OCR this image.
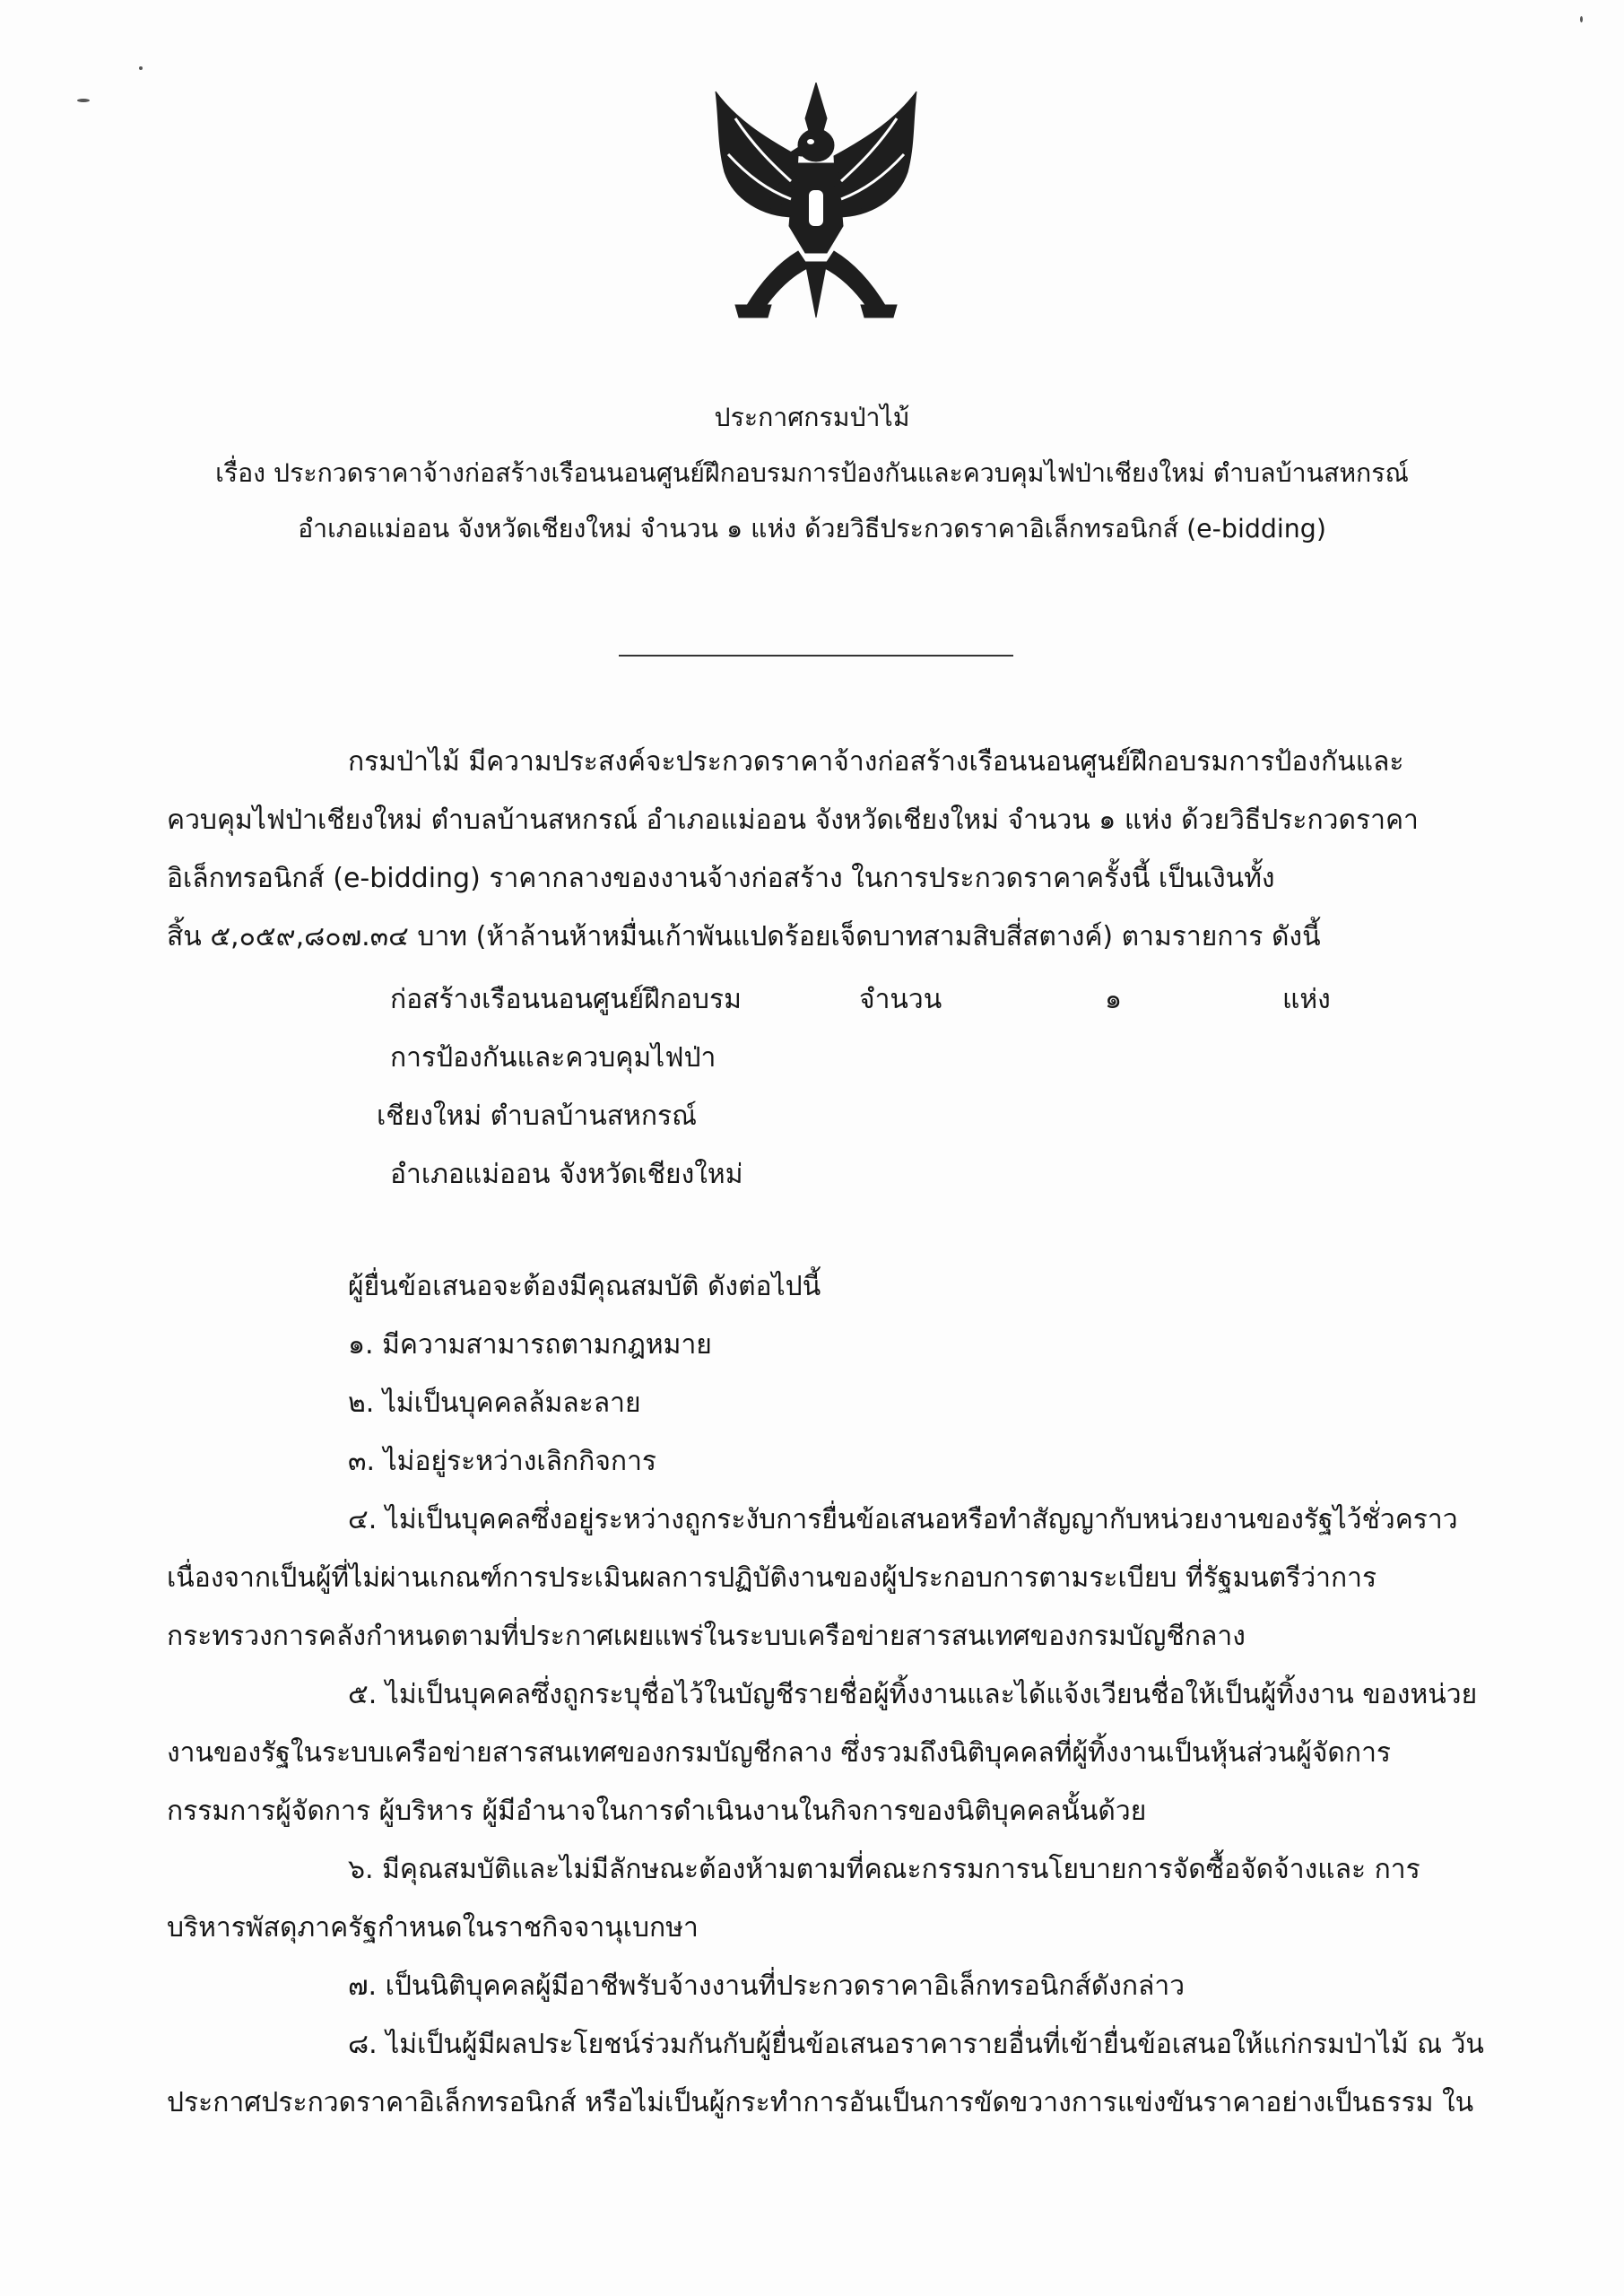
ประกาศกรมป่าไม้
เรื่อง ประกวดราคาจ้างก่อสร้างเรือนนอนศูนย์ฝึกอบรมการป้องกันและควบคุมไฟป่าเชียงใหม่ ตำบลบ้านสหกรณ์
อำเภอแม่ออน จังหวัดเชียงใหม่ จำนวน ๑ แห่ง ด้วยวิธีประกวดราคาอิเล็กทรอนิกส์ (e-bidding)
กรมป่าไม้ มีความประสงค์จะประกวดราคาจ้างก่อสร้างเรือนนอนศูนย์ฝึกอบรมการป้องกันและ
ควบคุมไฟป่าเชียงใหม่ ตำบลบ้านสหกรณ์ อำเภอแม่ออน จังหวัดเชียงใหม่ จำนวน ๑ แห่ง ด้วยวิธีประกวดราคา
อิเล็กทรอนิกส์ (e-bidding) ราคากลางของงานจ้างก่อสร้าง ในการประกวดราคาครั้งนี้ เป็นเงินทั้ง
สิ้น ๕,๐๕๙,๘๐๗.๓๔ บาท (ห้าล้านห้าหมื่นเก้าพันแปดร้อยเจ็ดบาทสามสิบสี่สตางค์) ตามรายการ ดังนี้
ก่อสร้างเรือนนอนศูนย์ฝึกอบรม	จำนวน	๑	แห่ง
การป้องกันและควบคุมไฟป่า
เชียงใหม่ ตำบลบ้านสหกรณ์
อำเภอแม่ออน จังหวัดเชียงใหม่
ผู้ยื่นข้อเสนอจะต้องมีคุณสมบัติ ดังต่อไปนี้
๑. มีความสามารถตามกฎหมาย
๒. ไม่เป็นบุคคลล้มละลาย
๓. ไม่อยู่ระหว่างเลิกกิจการ
๔. ไม่เป็นบุคคลซึ่งอยู่ระหว่างถูกระงับการยื่นข้อเสนอหรือทำสัญญากับหน่วยงานของรัฐไว้ชั่วคราว
เนื่องจากเป็นผู้ที่ไม่ผ่านเกณฑ์การประเมินผลการปฏิบัติงานของผู้ประกอบการตามระเบียบ ที่รัฐมนตรีว่าการ
กระทรวงการคลังกำหนดตามที่ประกาศเผยแพร่ในระบบเครือข่ายสารสนเทศของกรมบัญชีกลาง
๕. ไม่เป็นบุคคลซึ่งถูกระบุชื่อไว้ในบัญชีรายชื่อผู้ทิ้งงานและได้แจ้งเวียนชื่อให้เป็นผู้ทิ้งงาน ของหน่วย
งานของรัฐในระบบเครือข่ายสารสนเทศของกรมบัญชีกลาง ซึ่งรวมถึงนิติบุคคลที่ผู้ทิ้งงานเป็นหุ้นส่วนผู้จัดการ
กรรมการผู้จัดการ ผู้บริหาร ผู้มีอำนาจในการดำเนินงานในกิจการของนิติบุคคลนั้นด้วย
๖. มีคุณสมบัติและไม่มีลักษณะต้องห้ามตามที่คณะกรรมการนโยบายการจัดซื้อจัดจ้างและ การ
บริหารพัสดุภาครัฐกำหนดในราชกิจจานุเบกษา
๗. เป็นนิติบุคคลผู้มีอาชีพรับจ้างงานที่ประกวดราคาอิเล็กทรอนิกส์ดังกล่าว
๘. ไม่เป็นผู้มีผลประโยชน์ร่วมกันกับผู้ยื่นข้อเสนอราคารายอื่นที่เข้ายื่นข้อเสนอให้แก่กรมป่าไม้ ณ วัน
ประกาศประกวดราคาอิเล็กทรอนิกส์ หรือไม่เป็นผู้กระทำการอันเป็นการขัดขวางการแข่งขันราคาอย่างเป็นธรรม ใน
